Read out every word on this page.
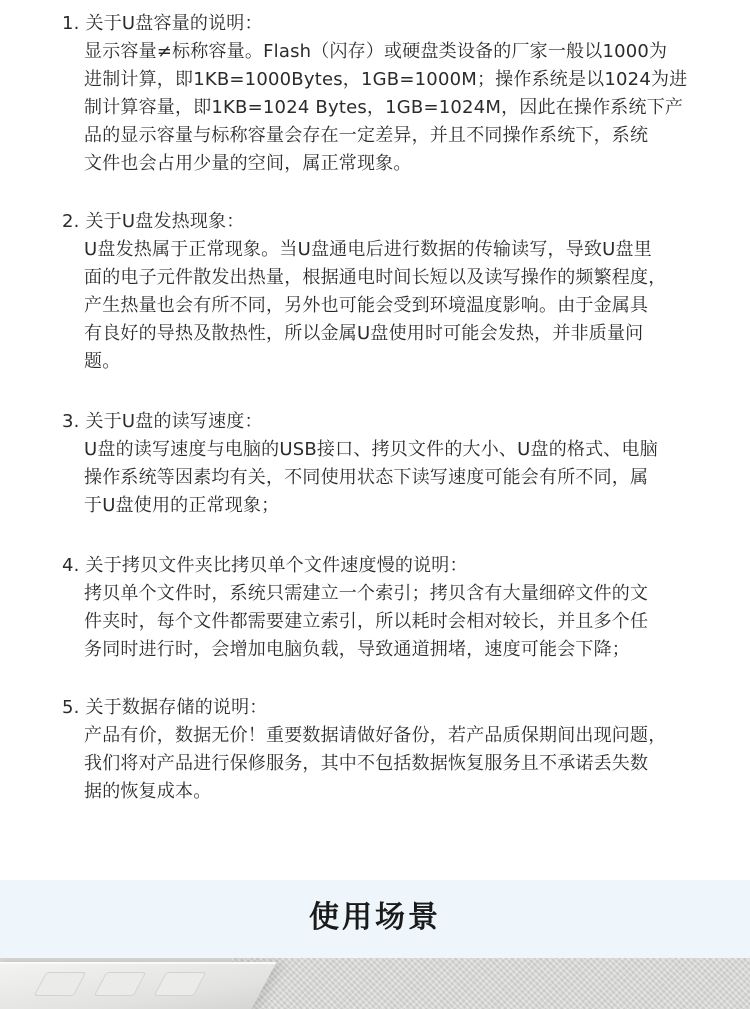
1. 关于U盘容量的说明：
显示容量≠标称容量。Flash（闪存）或硬盘类设备的厂家一般以1000为
进制计算，即1KB=1000Bytes，1GB=1000M；操作系统是以1024为进
制计算容量，即1KB=1024 Bytes，1GB=1024M，因此在操作系统下产
品的显示容量与标称容量会存在一定差异，并且不同操作系统下，系统
文件也会占用少量的空间，属正常现象。
2. 关于U盘发热现象：
U盘发热属于正常现象。当U盘通电后进行数据的传输读写，导致U盘里
面的电子元件散发出热量，根据通电时间长短以及读写操作的频繁程度，
产生热量也会有所不同，另外也可能会受到环境温度影响。由于金属具
有良好的导热及散热性，所以金属U盘使用时可能会发热，并非质量问
题。
3. 关于U盘的读写速度：
U盘的读写速度与电脑的USB接口、拷贝文件的大小、U盘的格式、电脑
操作系统等因素均有关，不同使用状态下读写速度可能会有所不同，属
于U盘使用的正常现象；
4. 关于拷贝文件夹比拷贝单个文件速度慢的说明：
拷贝单个文件时，系统只需建立一个索引；拷贝含有大量细碎文件的文
件夹时，每个文件都需要建立索引，所以耗时会相对较长，并且多个任
务同时进行时，会增加电脑负载，导致通道拥堵，速度可能会下降；
5. 关于数据存储的说明：
产品有价，数据无价！重要数据请做好备份，若产品质保期间出现问题，
我们将对产品进行保修服务，其中不包括数据恢复服务且不承诺丢失数
据的恢复成本。
使用场景
